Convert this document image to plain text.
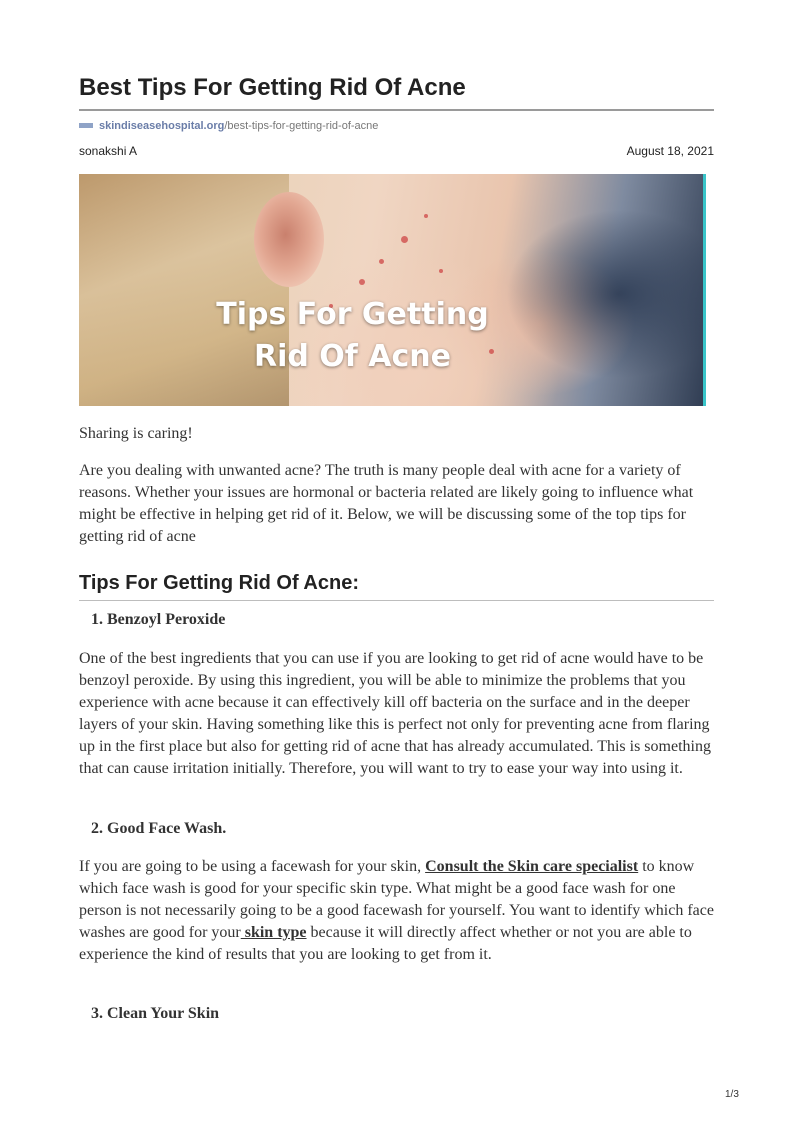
Best Tips For Getting Rid Of Acne
skindiseasehospital.org/best-tips-for-getting-rid-of-acne
sonakshi A	August 18, 2021
Tips For Getting
Rid Of Acne

Sharing is caring!

Are you dealing with unwanted acne? The truth is many people deal with acne for a variety of reasons. Whether your issues are hormonal or bacteria related are likely going to influence what might be effective in helping get rid of it. Below, we will be discussing some of the top tips for getting rid of acne

Tips For Getting Rid Of Acne:

1. Benzoyl Peroxide

One of the best ingredients that you can use if you are looking to get rid of acne would have to be benzoyl peroxide. By using this ingredient, you will be able to minimize the problems that you experience with acne because it can effectively kill off bacteria on the surface and in the deeper layers of your skin. Having something like this is perfect not only for preventing acne from flaring up in the first place but also for getting rid of acne that has already accumulated. This is something that can cause irritation initially. Therefore, you will want to try to ease your way into using it.

2. Good Face Wash.

If you are going to be using a facewash for your skin, Consult the Skin care specialist to know which face wash is good for your specific skin type. What might be a good face wash for one person is not necessarily going to be a good facewash for yourself. You want to identify which face washes are good for your skin type because it will directly affect whether or not you are able to experience the kind of results that you are looking to get from it.

3. Clean Your Skin

1/3
